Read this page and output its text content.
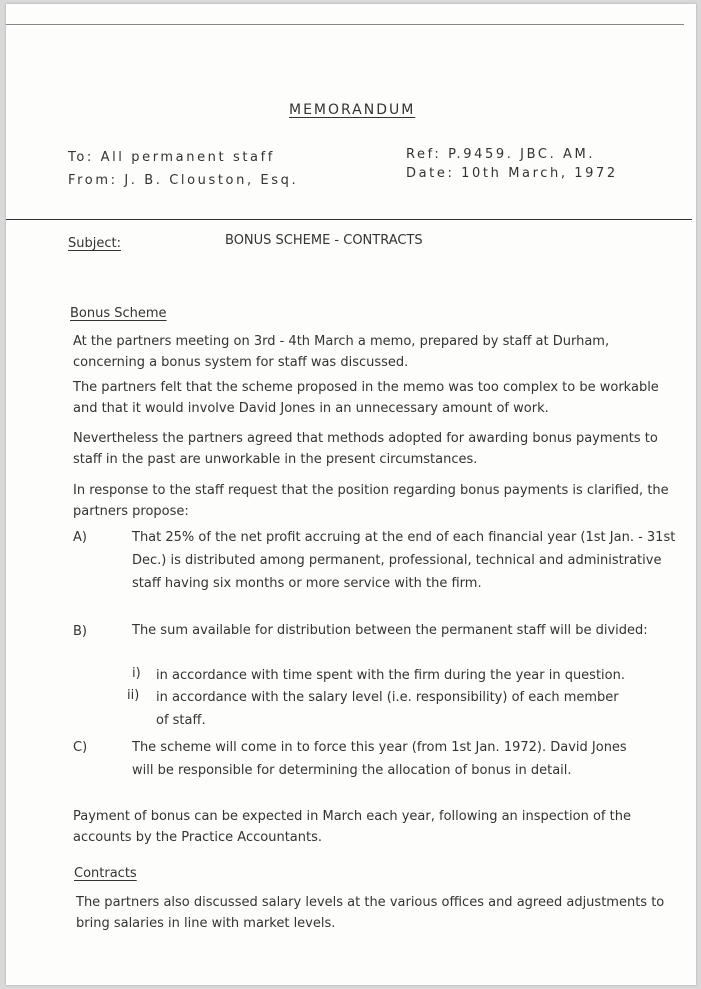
MEMORANDUM
To: All permanent staff
From: J. B. Clouston, Esq.
Ref: P.9459. JBC. AM.
Date: 10th March, 1972
Subject:	BONUS SCHEME - CONTRACTS
Bonus Scheme

At the partners meeting on 3rd - 4th March a memo, prepared by staff at Durham, concerning a bonus system for staff was discussed.

The partners felt that the scheme proposed in the memo was too complex to be workable and that it would involve David Jones in an unnecessary amount of work.

Nevertheless the partners agreed that methods adopted for awarding bonus payments to staff in the past are unworkable in the present circumstances.

In response to the staff request that the position regarding bonus payments is clarified, the partners propose:

A)	That 25% of the net profit accruing at the end of each financial year (1st Jan. - 31st Dec.) is distributed among permanent, professional, technical and administrative staff having six months or more service with the firm.

B)	The sum available for distribution between the permanent staff will be divided:

i)	in accordance with time spent with the firm during the year in question.

ii)	in accordance with the salary level (i.e. responsibility) of each member of staff.

C)	The scheme will come in to force this year (from 1st Jan. 1972). David Jones will be responsible for determining the allocation of bonus in detail.

Payment of bonus can be expected in March each year, following an inspection of the accounts by the Practice Accountants.

Contracts

The partners also discussed salary levels at the various offices and agreed adjustments to bring salaries in line with market levels.
